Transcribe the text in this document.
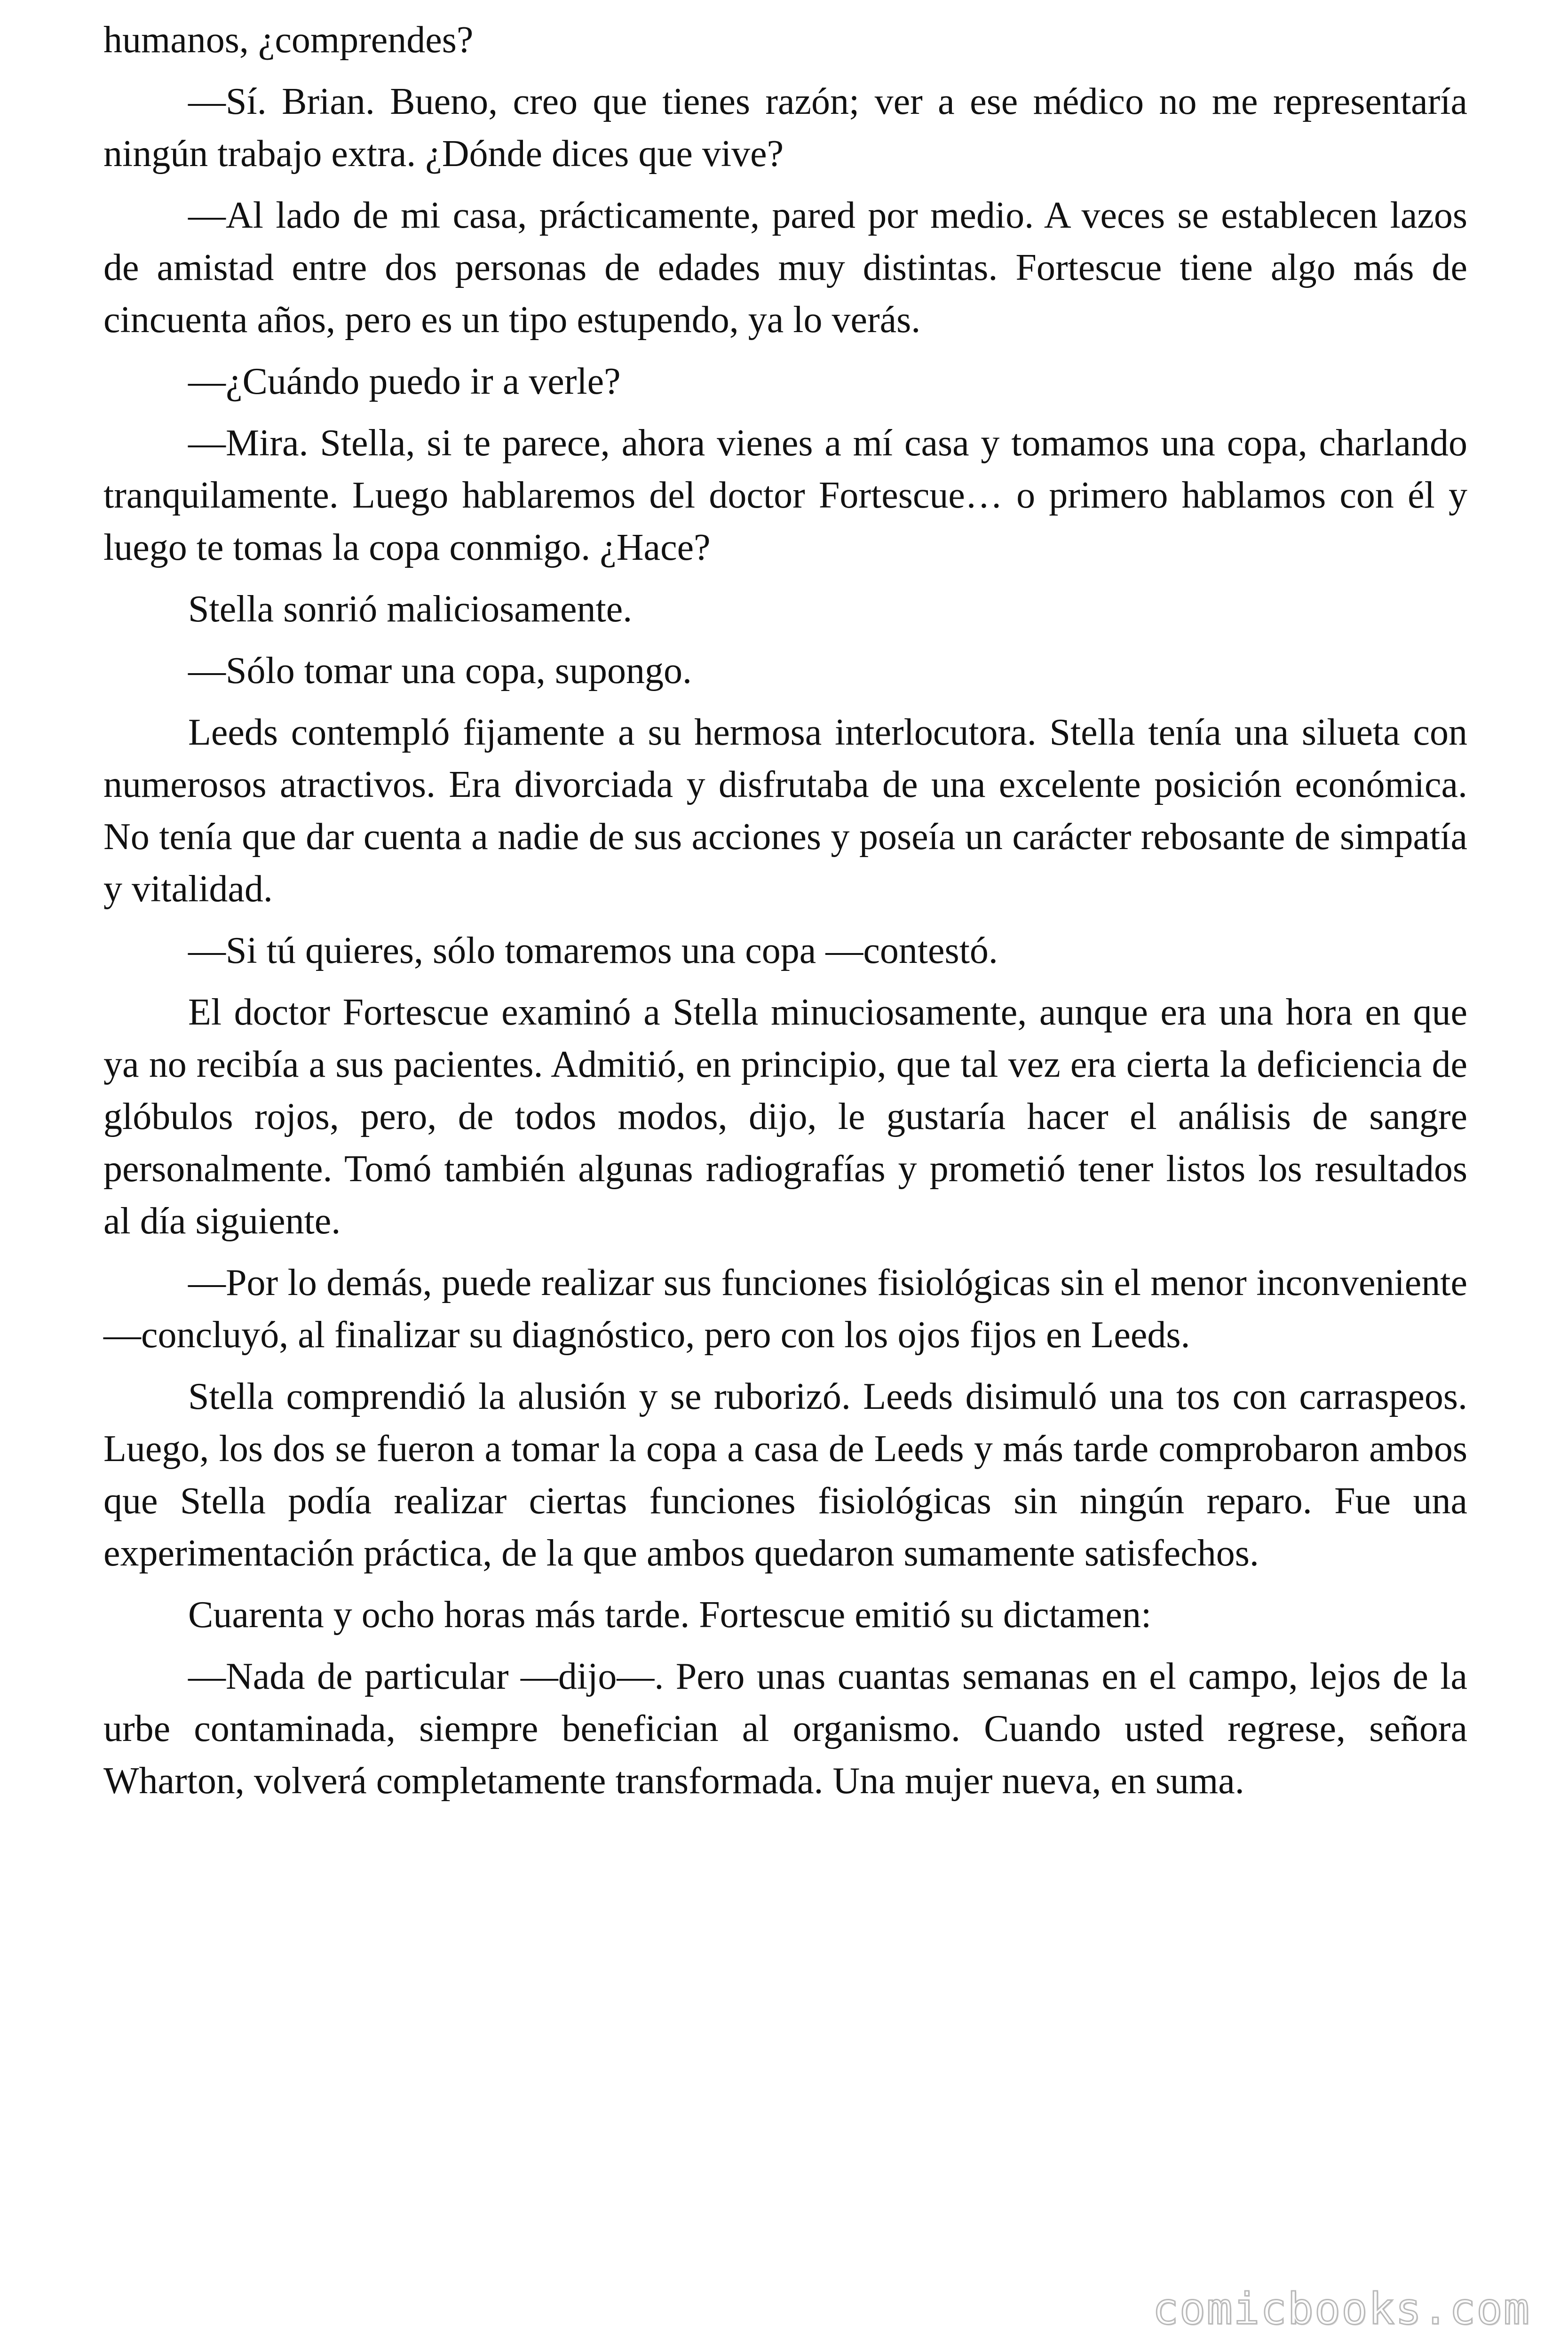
humanos, ¿comprendes?

—Sí. Brian. Bueno, creo que tienes razón; ver a ese médico no me representaría ningún trabajo extra. ¿Dónde dices que vive?

—Al lado de mi casa, prácticamente, pared por medio. A veces se establecen lazos de amistad entre dos personas de edades muy distintas. Fortescue tiene algo más de cincuenta años, pero es un tipo estupendo, ya lo verás.

—¿Cuándo puedo ir a verle?

—Mira. Stella, si te parece, ahora vienes a mí casa y tomamos una copa, charlando tranquilamente. Luego hablaremos del doctor Fortescue… o primero hablamos con él y luego te tomas la copa conmigo. ¿Hace?

Stella sonrió maliciosamente.

—Sólo tomar una copa, supongo.

Leeds contempló fijamente a su hermosa interlocutora. Stella tenía una silueta con numerosos atractivos. Era divorciada y disfrutaba de una excelente posición económica. No tenía que dar cuenta a nadie de sus acciones y poseía un carácter rebosante de simpatía y vitalidad.

—Si tú quieres, sólo tomaremos una copa —contestó.

El doctor Fortescue examinó a Stella minuciosamente, aunque era una hora en que ya no recibía a sus pacientes. Admitió, en principio, que tal vez era cierta la deficiencia de glóbulos rojos, pero, de todos modos, dijo, le gustaría hacer el análisis de sangre personalmente. Tomó también algunas radiografías y prometió tener listos los resultados al día siguiente.

—Por lo demás, puede realizar sus funciones fisiológicas sin el menor inconveniente —concluyó, al finalizar su diagnóstico, pero con los ojos fijos en Leeds.

Stella comprendió la alusión y se ruborizó. Leeds disimuló una tos con carraspeos. Luego, los dos se fueron a tomar la copa a casa de Leeds y más tarde comprobaron ambos que Stella podía realizar ciertas funciones fisiológicas sin ningún reparo. Fue una experimentación práctica, de la que ambos quedaron sumamente satisfechos.

Cuarenta y ocho horas más tarde. Fortescue emitió su dictamen:

—Nada de particular —dijo—. Pero unas cuantas semanas en el campo, lejos de la urbe contaminada, siempre benefician al organismo. Cuando usted regrese, señora Wharton, volverá completamente transformada. Una mujer nueva, en suma.

comicbooks.com
